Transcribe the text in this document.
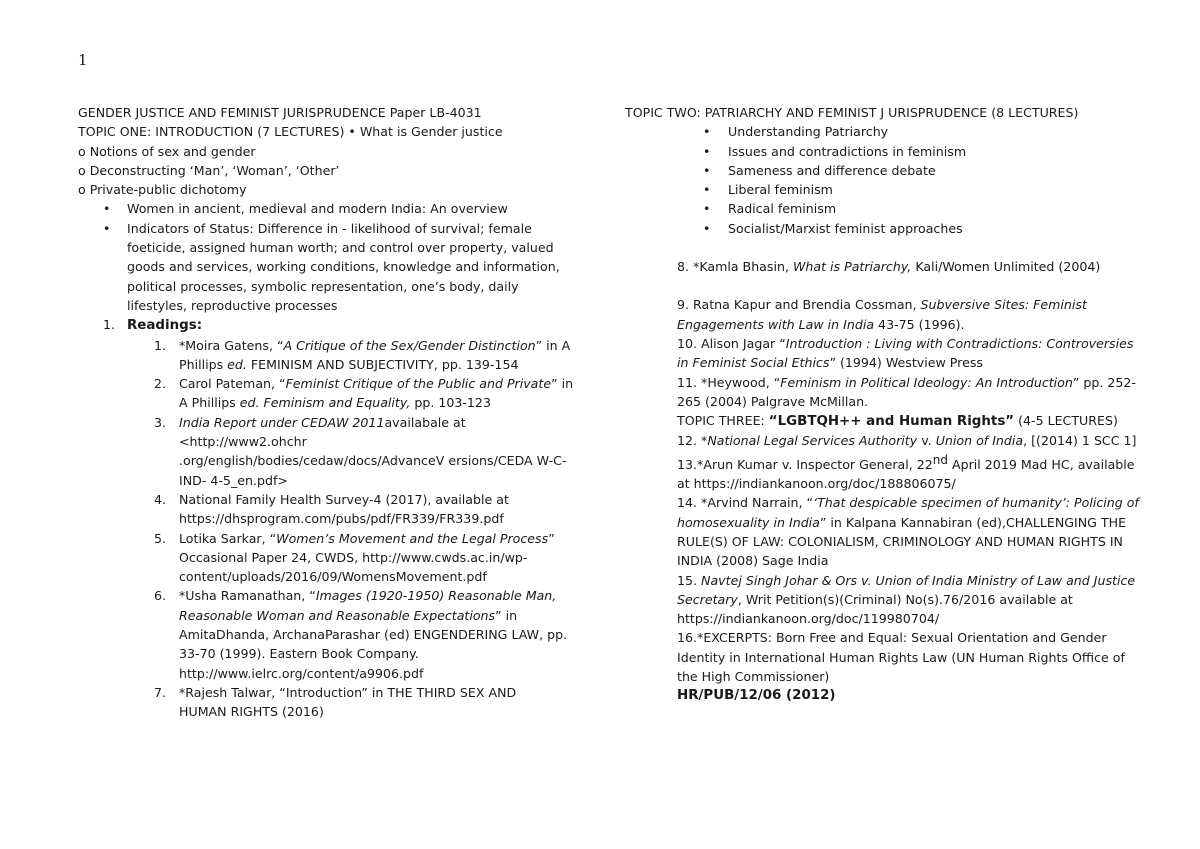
1
GENDER JUSTICE AND FEMINIST JURISPRUDENCE Paper LB-4031
TOPIC ONE: INTRODUCTION (7 LECTURES) • What is Gender justice
o Notions of sex and gender
o Deconstructing ‘Man’, ‘Woman’, ‘Other’
o Private-public dichotomy
• Women in ancient, medieval and modern India: An overview
• Indicators of Status: Difference in - likelihood of survival; female foeticide, assigned human worth; and control over property, valued goods and services, working conditions, knowledge and information, political processes, symbolic representation, one’s body, daily lifestyles, reproductive processes
1. Readings:
1. *Moira Gatens, “A Critique of the Sex/Gender Distinction” in A Phillips ed. FEMINISM AND SUBJECTIVITY, pp. 139-154
2. Carol Pateman, “Feminist Critique of the Public and Private” in A Phillips ed. Feminism and Equality, pp. 103-123
3. India Report under CEDAW 2011availabale at <http://www2.ohchr .org/english/bodies/cedaw/docs/AdvanceV ersions/CEDA W-C-IND- 4-5_en.pdf>
4. National Family Health Survey-4 (2017), available at https://dhsprogram.com/pubs/pdf/FR339/FR339.pdf
5. Lotika Sarkar, “Women’s Movement and the Legal Process” Occasional Paper 24, CWDS, http://www.cwds.ac.in/wp-content/uploads/2016/09/WomensMovement.pdf
6. *Usha Ramanathan, “Images (1920-1950) Reasonable Man, Reasonable Woman and Reasonable Expectations” in AmitaDhanda, ArchanaParashar (ed) ENGENDERING LAW, pp. 33-70 (1999). Eastern Book Company. http://www.ielrc.org/content/a9906.pdf
7. *Rajesh Talwar, “Introduction” in THE THIRD SEX AND HUMAN RIGHTS (2016)
TOPIC TWO: PATRIARCHY AND FEMINIST J URISPRUDENCE (8 LECTURES)
• Understanding Patriarchy
• Issues and contradictions in feminism
• Sameness and difference debate
• Liberal feminism
• Radical feminism
• Socialist/Marxist feminist approaches
8. *Kamla Bhasin, What is Patriarchy, Kali/Women Unlimited (2004)
9. Ratna Kapur and Brendia Cossman, Subversive Sites: Feminist Engagements with Law in India 43-75 (1996).
10. Alison Jagar “Introduction : Living with Contradictions: Controversies in Feminist Social Ethics” (1994) Westview Press
11. *Heywood, “Feminism in Political Ideology: An Introduction” pp. 252-265 (2004) Palgrave McMillan.
TOPIC THREE: “LGBTQH++ and Human Rights” (4-5 LECTURES)
12. *National Legal Services Authority v. Union of India, [(2014) 1 SCC 1]
13.*Arun Kumar v. Inspector General, 22nd April 2019 Mad HC, available at https://indiankanoon.org/doc/188806075/
14. *Arvind Narrain, “‘That despicable specimen of humanity’: Policing of homosexuality in India” in Kalpana Kannabiran (ed),CHALLENGING THE RULE(S) OF LAW: COLONIALISM, CRIMINOLOGY AND HUMAN RIGHTS IN INDIA (2008) Sage India
15. Navtej Singh Johar & Ors v. Union of India Ministry of Law and Justice Secretary, Writ Petition(s)(Criminal) No(s).76/2016 available at https://indiankanoon.org/doc/119980704/
16.*EXCERPTS: Born Free and Equal: Sexual Orientation and Gender Identity in International Human Rights Law (UN Human Rights Office of the High Commissioner)
HR/PUB/12/06 (2012)
